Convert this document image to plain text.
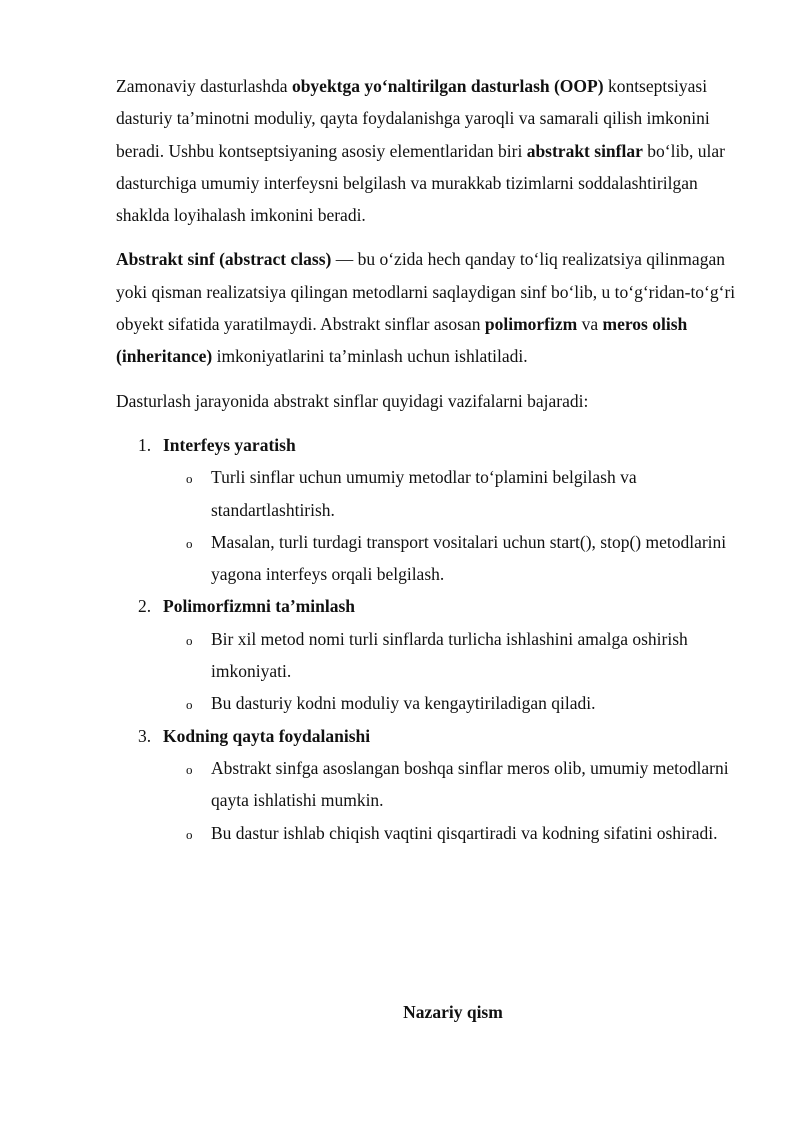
Zamonaviy dasturlashda obyektga yo‘naltirilgan dasturlash (OOP) kontseptsiyasi dasturiy ta’minotni moduliy, qayta foydalanishga yaroqli va samarali qilish imkonini beradi. Ushbu kontseptsiyaning asosiy elementlaridan biri abstrakt sinflar bo‘lib, ular dasturchiga umumiy interfeysni belgilash va murakkab tizimlarni soddalashtirilgan shaklda loyihalash imkonini beradi.

Abstrakt sinf (abstract class) — bu o‘zida hech qanday to‘liq realizatsiya qilinmagan yoki qisman realizatsiya qilingan metodlarni saqlaydigan sinf bo‘lib, u to‘g‘ridan-to‘g‘ri obyekt sifatida yaratilmaydi. Abstrakt sinflar asosan polimorfizm va meros olish (inheritance) imkoniyatlarini ta’minlash uchun ishlatiladi.

Dasturlash jarayonida abstrakt sinflar quyidagi vazifalarni bajaradi:

1. Interfeys yaratish
o Turli sinflar uchun umumiy metodlar to‘plamini belgilash va standartlashtirish.
o Masalan, turli turdagi transport vositalari uchun start(), stop() metodlarini yagona interfeys orqali belgilash.
2. Polimorfizmni ta’minlash
o Bir xil metod nomi turli sinflarda turlicha ishlashini amalga oshirish imkoniyati.
o Bu dasturiy kodni moduliy va kengaytiriladigan qiladi.
3. Kodning qayta foydalanishi
o Abstrakt sinfga asoslangan boshqa sinflar meros olib, umumiy metodlarni qayta ishlatishi mumkin.
o Bu dastur ishlab chiqish vaqtini qisqartiradi va kodning sifatini oshiradi.
Nazariy qism
